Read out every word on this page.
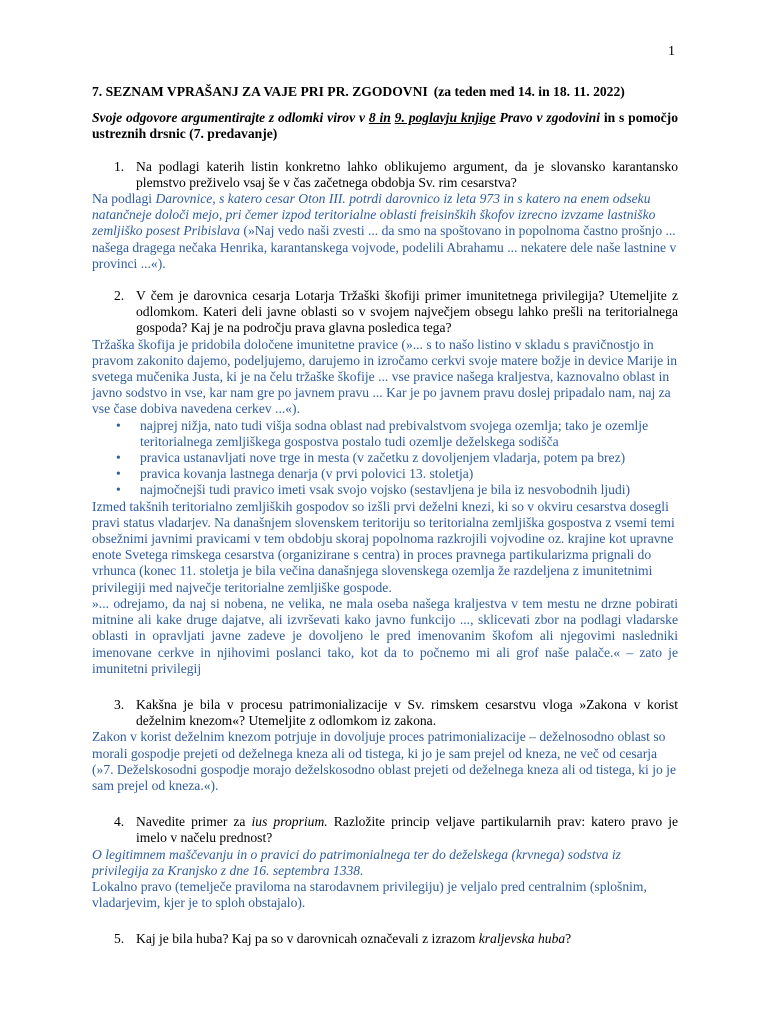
1
7. SEZNAM VPRAŠANJ ZA VAJE PRI PR. ZGODOVNI (za teden med 14. in 18. 11. 2022)
Svoje odgovore argumentirajte z odlomki virov v 8 in 9. poglavju knjige Pravo v zgodovini in s pomočjo ustreznih drsnic (7. predavanje)
1. Na podlagi katerih listin konkretno lahko oblikujemo argument, da je slovansko karantansko plemstvo preživelo vsaj še v čas začetnega obdobja Sv. rim cesarstva?

Na podlagi Darovnice, s katero cesar Oton III. potrdi darovnico iz leta 973 in s katero na enem odseku natančneje določi mejo, pri čemer izpod teritorialne oblasti freisinških škofov izrecno izvzame lastniško zemljiško posest Pribislava (»Naj vedo naši zvesti ... da smo na spoštovano in popolnoma častno prošnjo ... našega dragega nečaka Henrika, karantanskega vojvode, podelili Abrahamu ... nekatere dele naše lastnine v provinci ...«).

2. V čem je darovnica cesarja Lotarja Tržaški škofiji primer imunitetnega privilegija? Utemeljite z odlomkom. Kateri deli javne oblasti so v svojem največjem obsegu lahko prešli na teritorialnega gospoda? Kaj je na področju prava glavna posledica tega?

Tržaška škofija je pridobila določene imunitetne pravice (»... s to našo listino v skladu s pravičnostjo in pravom zakonito dajemo, podeljujemo, darujemo in izročamo cerkvi svoje matere božje in device Marije in svetega mučenika Justa, ki je na čelu tržaške škofije ... vse pravice našega kraljestva, kaznovalno oblast in javno sodstvo in vse, kar nam gre po javnem pravu ... Kar je po javnem pravu doslej pripadalo nam, naj za vse čase dobiva navedena cerkev ...«).

•	najprej nižja, nato tudi višja sodna oblast nad prebivalstvom svojega ozemlja; tako je ozemlje teritorialnega zemljiškega gospostva postalo tudi ozemlje deželskega sodišča
•	pravica ustanavljati nove trge in mesta (v začetku z dovoljenjem vladarja, potem pa brez)
•	pravica kovanja lastnega denarja (v prvi polovici 13. stoletja)
•	najmočnejši tudi pravico imeti vsak svojo vojsko (sestavljena je bila iz nesvobodnih ljudi)

Izmed takšnih teritorialno zemljiških gospodov so izšli prvi deželni knezi, ki so v okviru cesarstva dosegli pravi status vladarjev. Na današnjem slovenskem teritoriju so teritorialna zemljiška gospostva z vsemi temi obsežnimi javnimi pravicami v tem obdobju skoraj popolnoma razkrojili vojvodine oz. krajine kot upravne enote Svetega rimskega cesarstva (organizirane s centra) in proces pravnega partikularizma prignali do vrhunca (konec 11. stoletja je bila večina današnjega slovenskega ozemlja že razdeljena z imunitetnimi privilegiji med največje teritorialne zemljiške gospode.

»... odrejamo, da naj si nobena, ne velika, ne mala oseba našega kraljestva v tem mestu ne drzne pobirati mitnine ali kake druge dajatve, ali izvrševati kako javno funkcijo ..., sklicevati zbor na podlagi vladarske oblasti in opravljati javne zadeve je dovoljeno le pred imenovanim škofom ali njegovimi nasledniki imenovane cerkve in njihovimi poslanci tako, kot da to počnemo mi ali grof naše palače.« – zato je imunitetni privilegij

3. Kakšna je bila v procesu patrimonializacije v Sv. rimskem cesarstvu vloga »Zakona v korist deželnim knezom«? Utemeljite z odlomkom iz zakona.

Zakon v korist deželnim knezom potrjuje in dovoljuje proces patrimonializacije – deželnosodno oblast so morali gospodje prejeti od deželnega kneza ali od tistega, ki jo je sam prejel od kneza, ne več od cesarja (»7. Deželskosodni gospodje morajo deželskosodno oblast prejeti od deželnega kneza ali od tistega, ki jo je sam prejel od kneza.«).

4. Navedite primer za ius proprium. Razložite princip veljave partikularnih prav: katero pravo je imelo v načelu prednost?

O legitimnem maščevanju in o pravici do patrimonialnega ter do deželskega (krvnega) sodstva iz privilegija za Kranjsko z dne 16. septembra 1338.

Lokalno pravo (temelječe praviloma na starodavnem privilegiju) je veljalo pred centralnim (splošnim, vladarjevim, kjer je to sploh obstajalo).

5. Kaj je bila huba? Kaj pa so v darovnicah označevali z izrazom kraljevska huba?
